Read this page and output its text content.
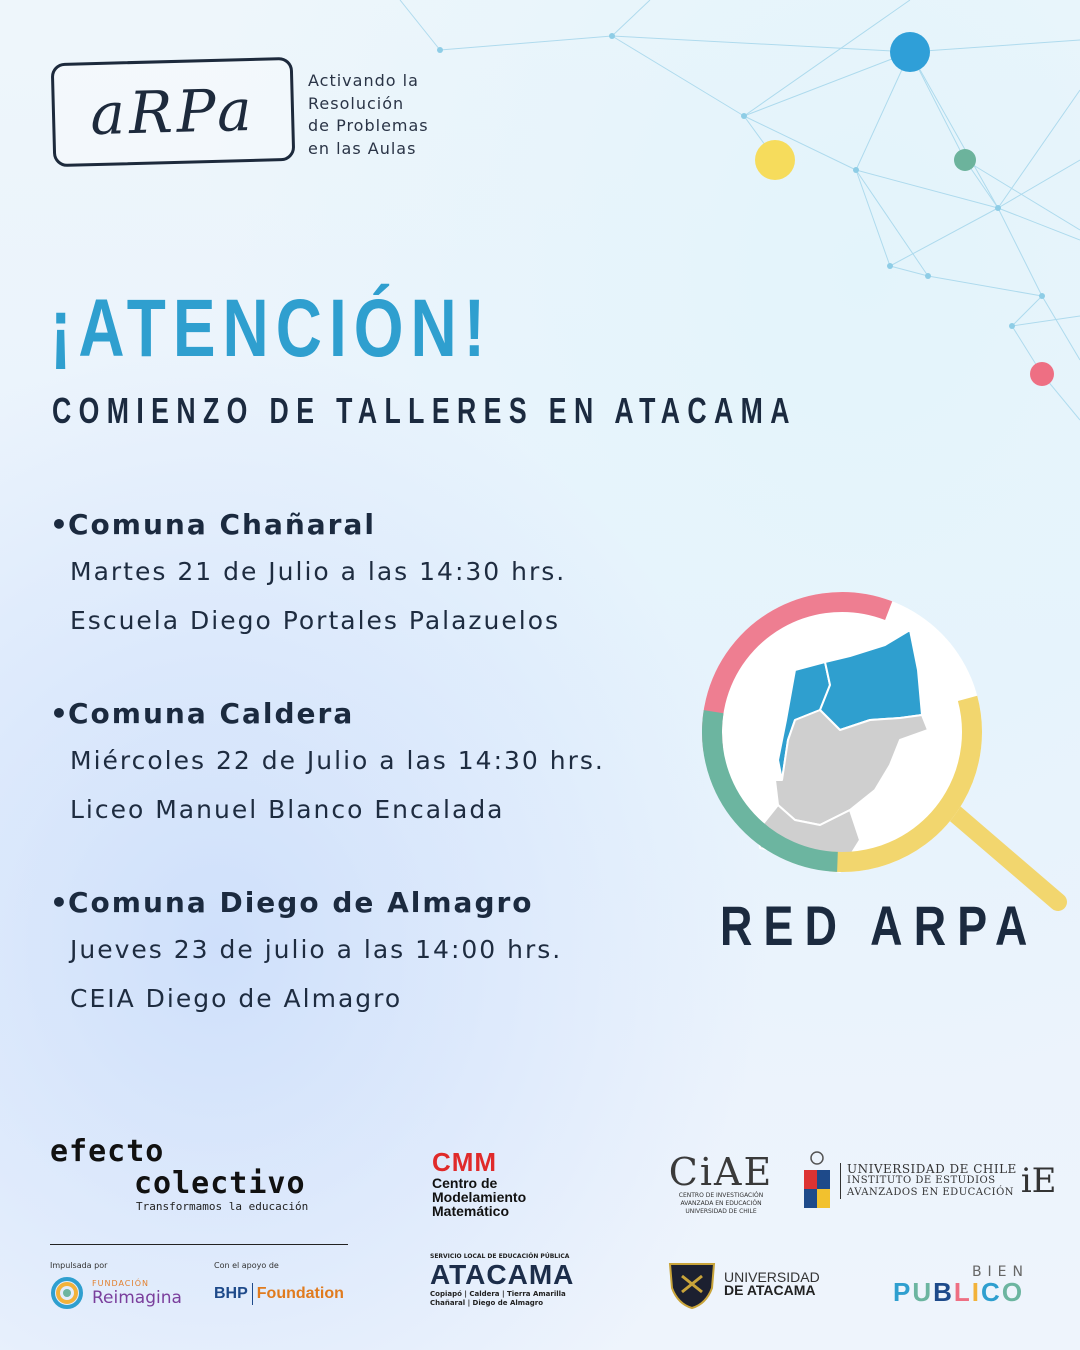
aRPa	Activando la
Resolución
de Problemas
en las Aulas
¡ATENCIÓN!
COMIENZO DE TALLERES EN ATACAMA
•Comuna Chañaral
Martes 21 de Julio a las 14:30 hrs.
Escuela Diego Portales Palazuelos
•Comuna Caldera
Miércoles 22 de Julio a las 14:30 hrs.
Liceo Manuel Blanco Encalada
•Comuna Diego de Almagro
Jueves 23 de julio a las 14:00 hrs.
CEIA Diego de Almagro
RED ARPA
efecto
colectivo
Transformamos la educación
Impulsada por	Con el apoyo de
FUNDACIÓN
Reimagina BHP Foundation
CMM
Centro de
Modelamiento
Matemático
CiAE
CENTRO DE INVESTIGACIÓN
AVANZADA EN EDUCACIÓN
UNIVERSIDAD DE CHILE
UNIVERSIDAD DE CHILE
INSTITUTO DE ESTUDIOS
AVANZADOS EN EDUCACIÓN iE
SERVICIO LOCAL DE EDUCACIÓN PÚBLICA
ATACAMA
Copiapó | Caldera | Tierra Amarilla
Chañaral | Diego de Almagro
UNIVERSIDAD
DE ATACAMA
BIEN
PUBLICO
